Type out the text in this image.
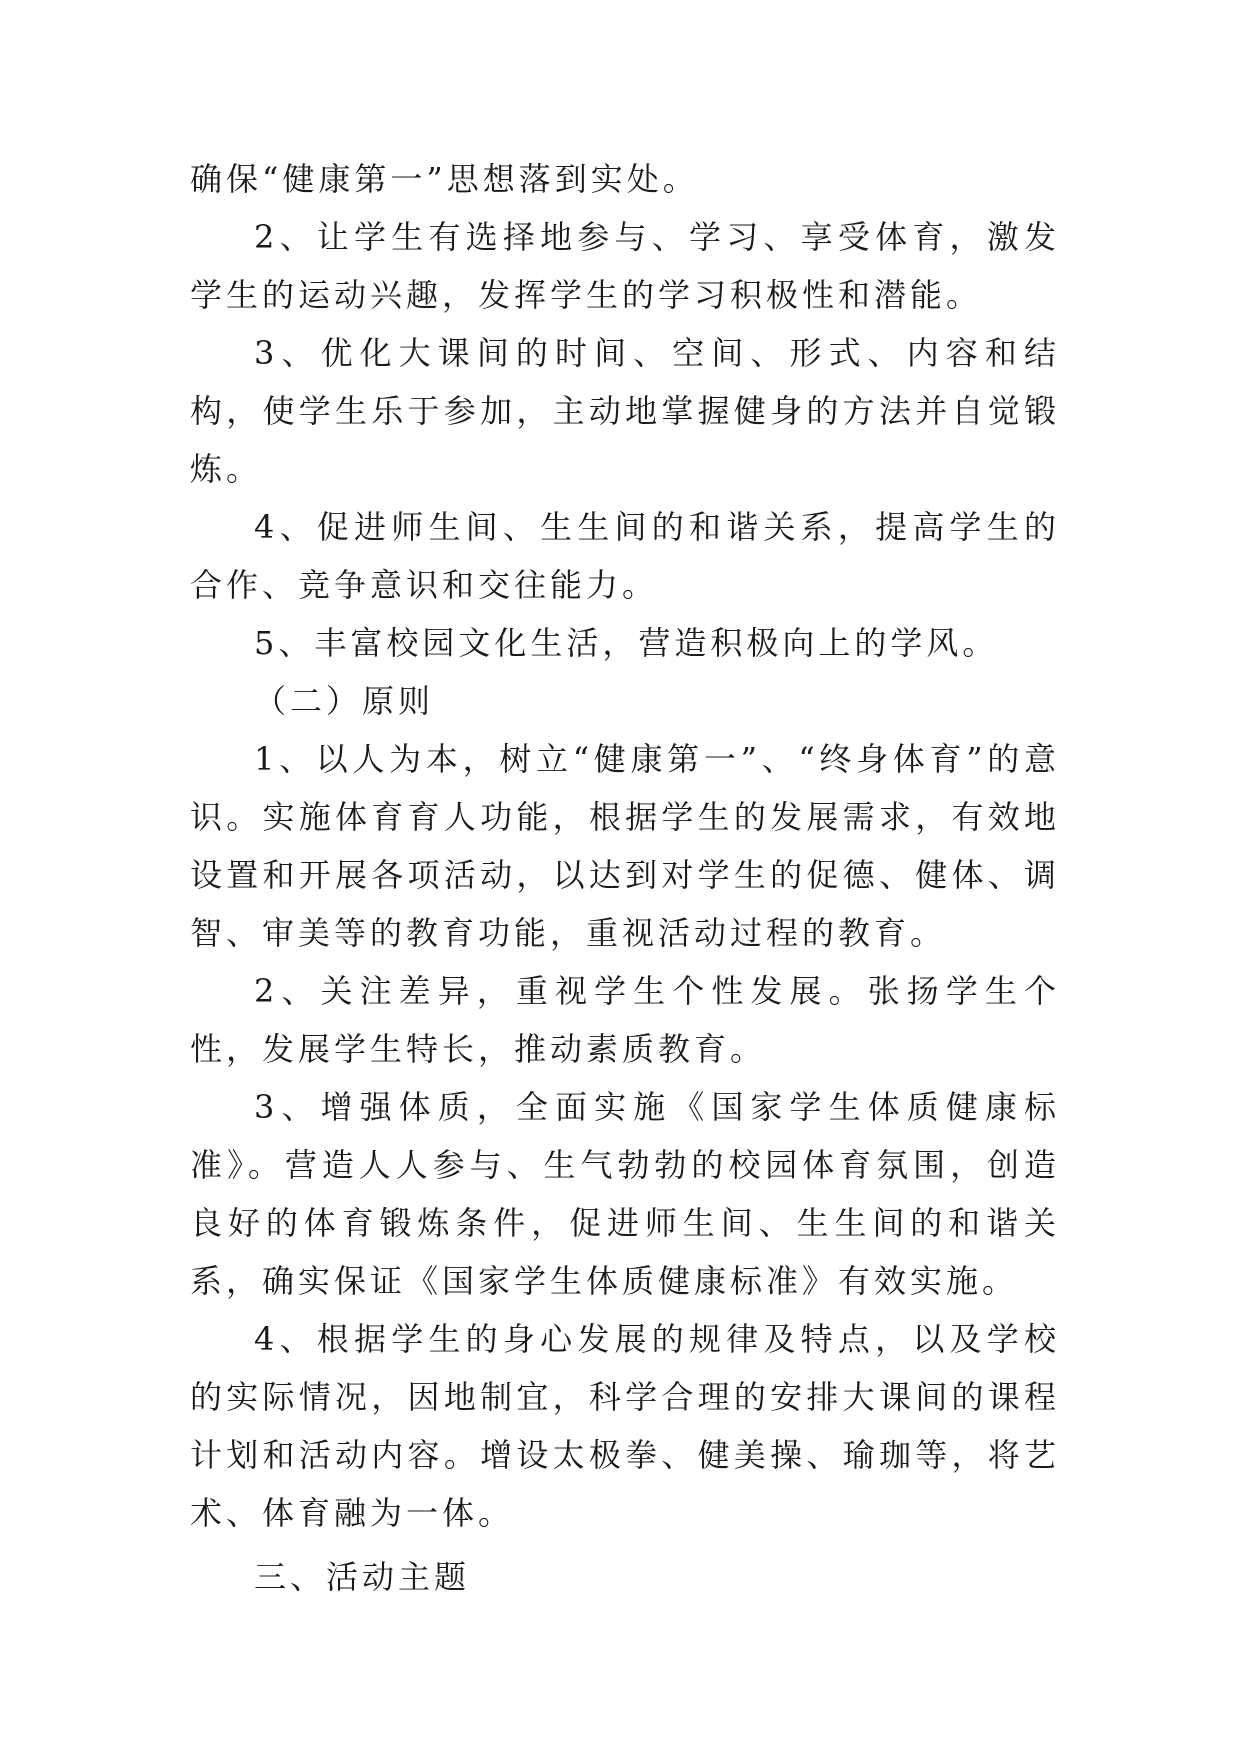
确保“健康第一”思想落到实处。

2、让学生有选择地参与、学习、享受体育，激发学生的运动兴趣，发挥学生的学习积极性和潜能。

3、优化大课间的时间、空间、形式、内容和结构，使学生乐于参加，主动地掌握健身的方法并自觉锻炼。

4、促进师生间、生生间的和谐关系，提高学生的合作、竞争意识和交往能力。

5、丰富校园文化生活，营造积极向上的学风。

（二）原则

1、以人为本，树立“健康第一”、“终身体育”的意识。实施体育育人功能，根据学生的发展需求，有效地设置和开展各项活动，以达到对学生的促德、健体、调智、审美等的教育功能，重视活动过程的教育。

2、关注差异，重视学生个性发展。张扬学生个性，发展学生特长，推动素质教育。

3、增强体质，全面实施《国家学生体质健康标准》。营造人人参与、生气勃勃的校园体育氛围，创造良好的体育锻炼条件，促进师生间、生生间的和谐关系，确实保证《国家学生体质健康标准》有效实施。

4、根据学生的身心发展的规律及特点，以及学校的实际情况，因地制宜，科学合理的安排大课间的课程计划和活动内容。增设太极拳、健美操、瑜珈等，将艺术、体育融为一体。

三、活动主题
